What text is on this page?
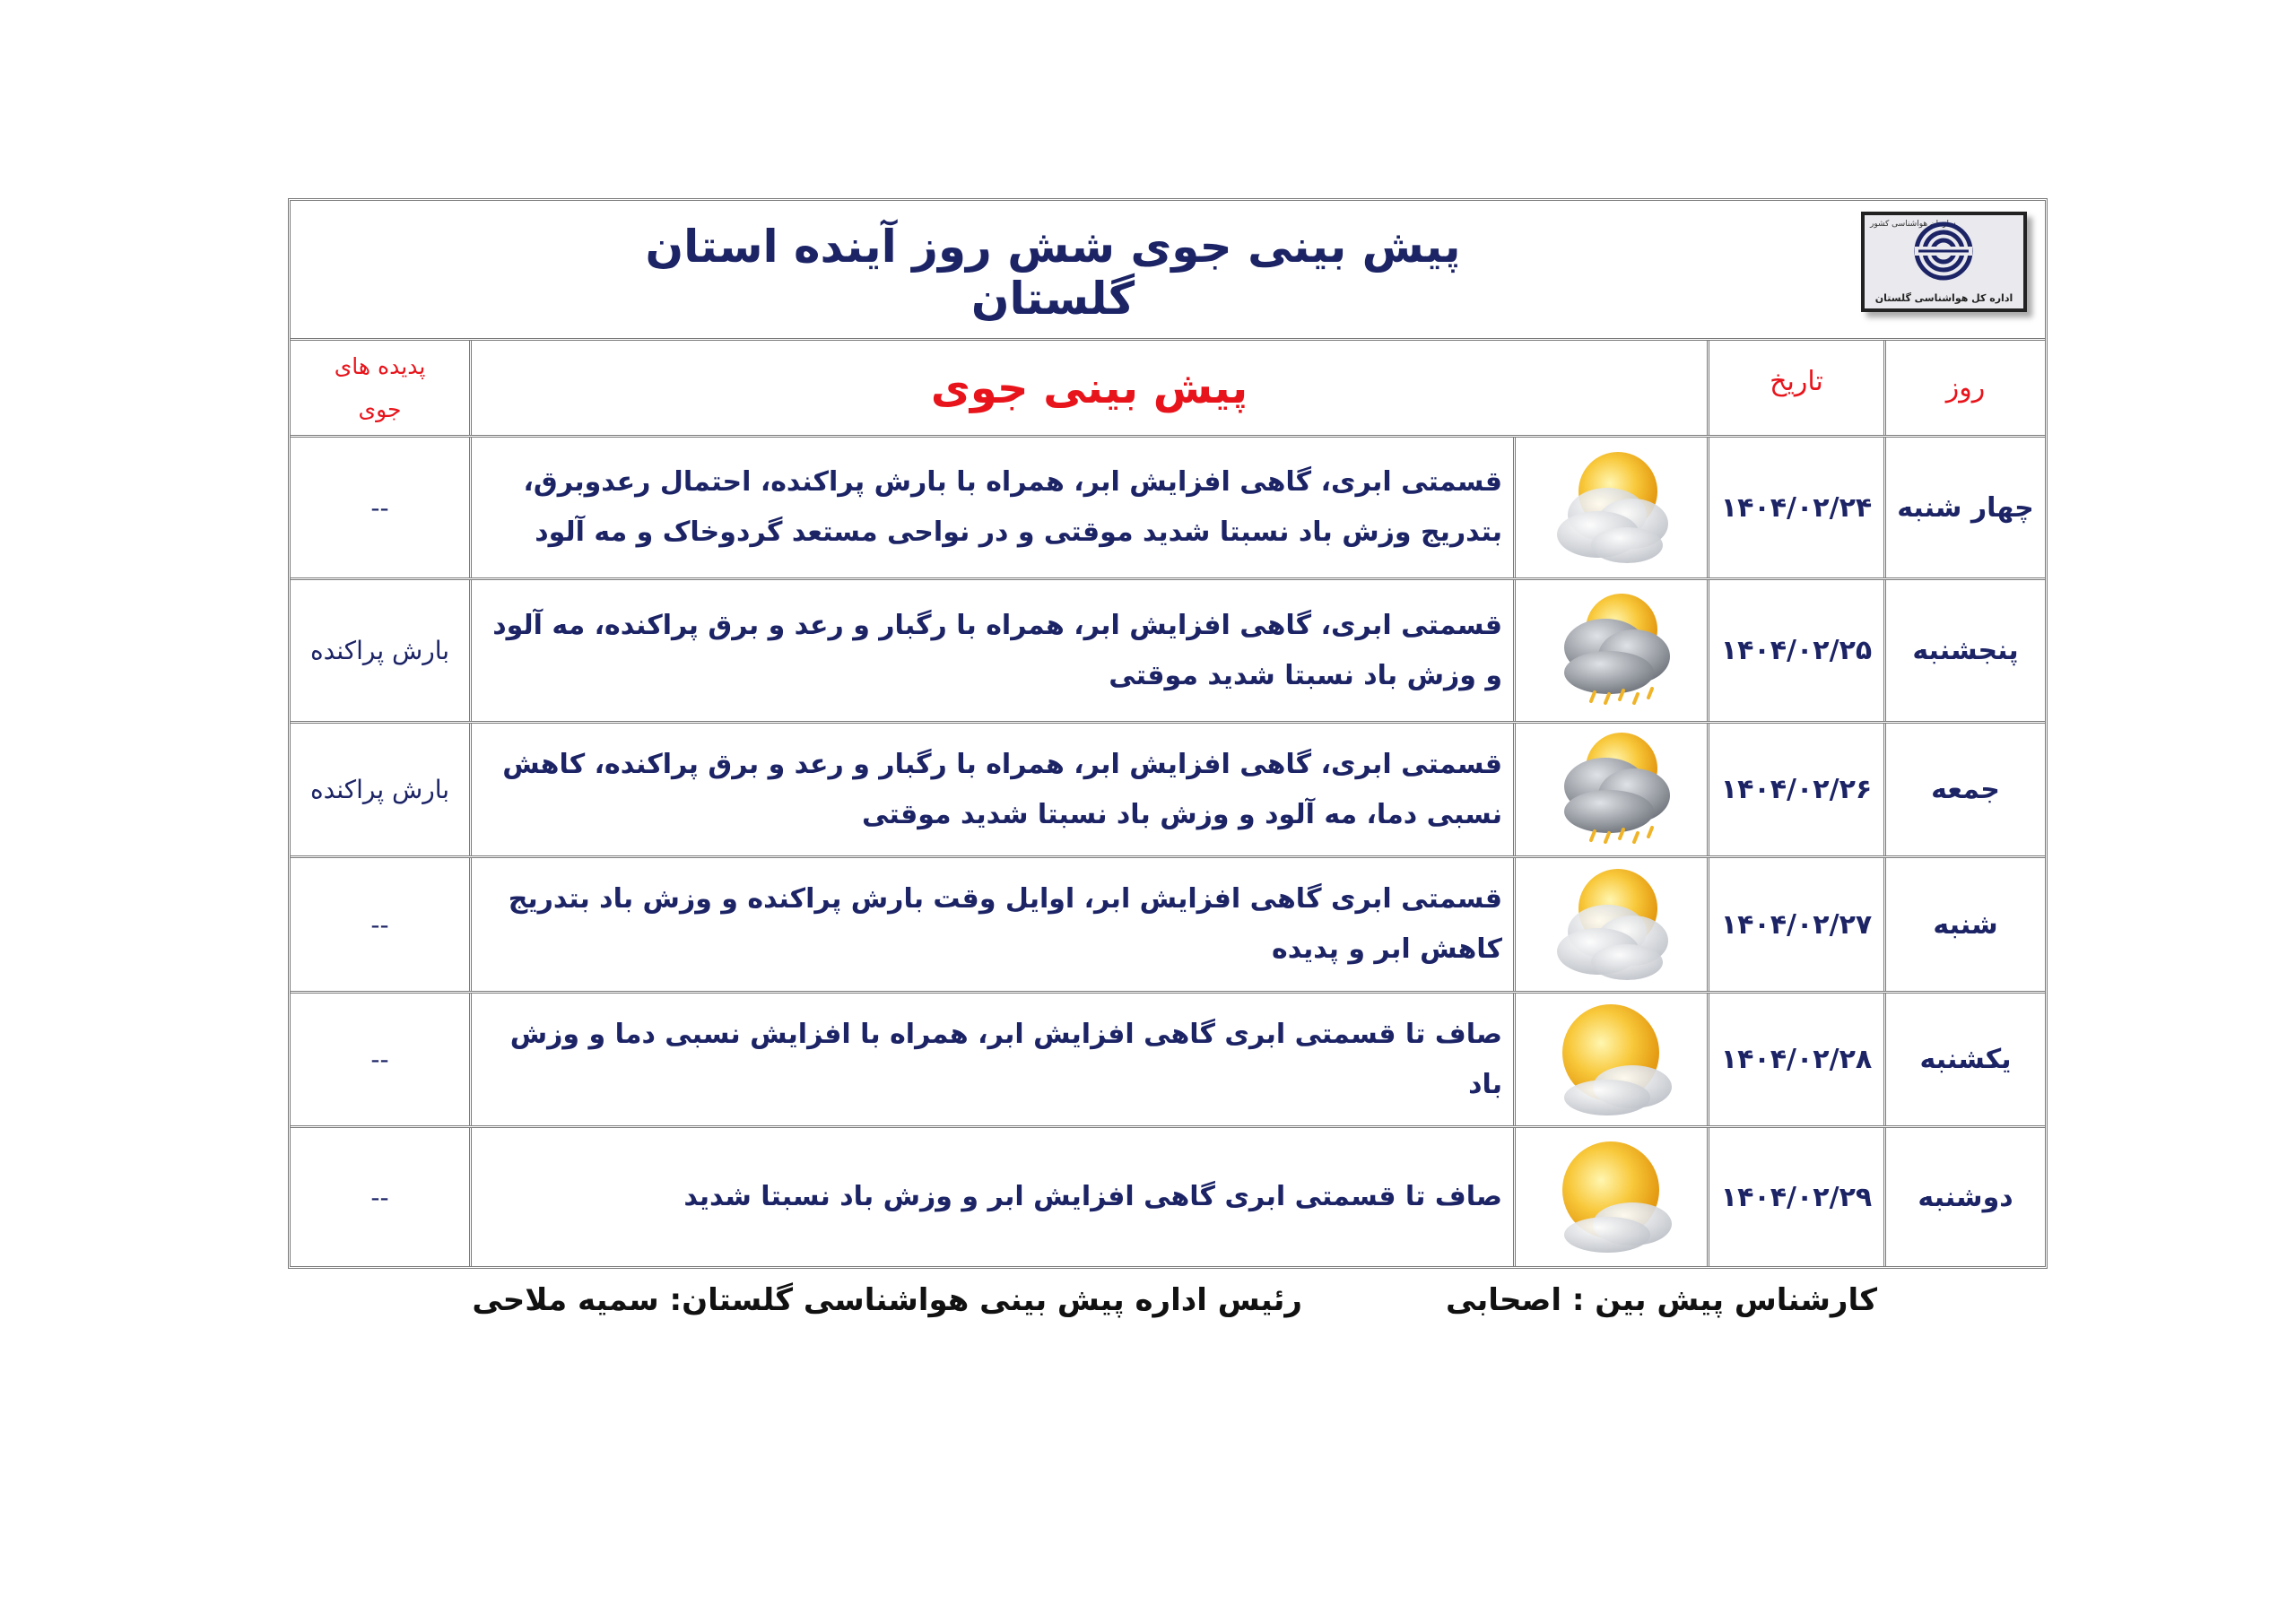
پیش بینی جوی شش روز آینده استان گلستان
سازمان هواشناسی کشور
اداره کل هواشناسی گلستان
روز
تاریخ
پیش بینی جوی
پدیده های
جوی
چهار شنبه
۱۴۰۴/۰۲/۲۴
قسمتی ابری، گاهی افزایش ابر، همراه با بارش پراکنده، احتمال رعدوبرق، بتدریج وزش باد نسبتا شدید موقتی و در نواحی مستعد گردوخاک و مه آلود
--
پنجشنبه
۱۴۰۴/۰۲/۲۵
قسمتی ابری، گاهی افزایش ابر، همراه با رگبار و رعد و برق پراکنده، مه آلود و وزش باد نسبتا شدید موقتی
بارش پراکنده
جمعه
۱۴۰۴/۰۲/۲۶
قسمتی ابری، گاهی افزایش ابر، همراه با رگبار و رعد و برق پراکنده، کاهش نسبی دما، مه آلود و وزش باد نسبتا شدید موقتی
بارش پراکنده
شنبه
۱۴۰۴/۰۲/۲۷
قسمتی ابری گاهی افزایش ابر، اوایل وقت بارش پراکنده و وزش باد بتدریج کاهش ابر و پدیده
--
یکشنبه
۱۴۰۴/۰۲/۲۸
صاف تا قسمتی ابری گاهی افزایش ابر، همراه با افزایش نسبی دما و وزش باد
--
دوشنبه
۱۴۰۴/۰۲/۲۹
صاف تا قسمتی ابری گاهی افزایش ابر و وزش باد نسبتا شدید
--
کارشناس پیش بین : اصحابی
رئیس اداره پیش بینی هواشناسی گلستان: سمیه ملاحی
